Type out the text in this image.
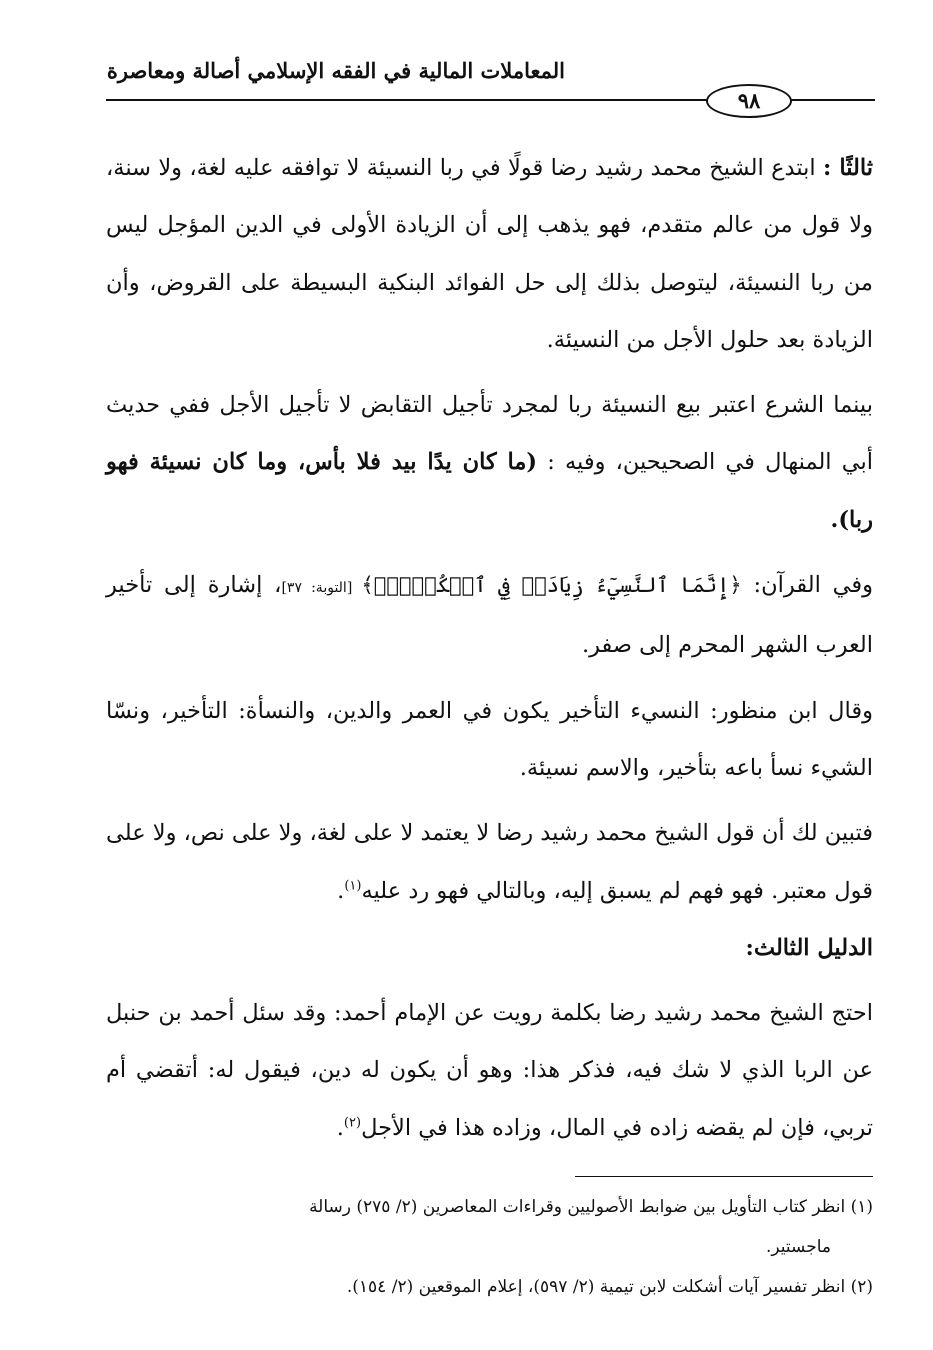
المعاملات المالية في الفقه الإسلامي أصالة ومعاصرة
٩٨

ثالثًا : ابتدع الشيخ محمد رشيد رضا قولًا في ربا النسيئة لا توافقه عليه لغة، ولا سنة، ولا قول من عالم متقدم، فهو يذهب إلى أن الزيادة الأولى في الدين المؤجل ليس من ربا النسيئة، ليتوصل بذلك إلى حل الفوائد البنكية البسيطة على القروض، وأن الزيادة بعد حلول الأجل من النسيئة.

بينما الشرع اعتبر بيع النسيئة ربا لمجرد تأجيل التقابض لا تأجيل الأجل ففي حديث أبي المنهال في الصحيحين، وفيه : (ما كان يدًا بيد فلا بأس، وما كان نسيئة فهو ربا).

وفي القرآن: ﴿إِنَّمَا ٱلنَّسِيٓءُ زِيَادَةٞ فِي ٱلۡكُفۡرِۖ﴾ [التوبة: ٣٧]، إشارة إلى تأخير العرب الشهر المحرم إلى صفر.

وقال ابن منظور: النسيء التأخير يكون في العمر والدين، والنسأة: التأخير، ونسّا الشيء نسأ باعه بتأخير، والاسم نسيئة.

فتبين لك أن قول الشيخ محمد رشيد رضا لا يعتمد لا على لغة، ولا على نص، ولا على قول معتبر. فهو فهم لم يسبق إليه، وبالتالي فهو رد عليه$^{(١)}$.

الدليل الثالث:

احتج الشيخ محمد رشيد رضا بكلمة رويت عن الإمام أحمد: وقد سئل أحمد بن حنبل عن الربا الذي لا شك فيه، فذكر هذا: وهو أن يكون له دين، فيقول له: أتقضي أم تربي، فإن لم يقضه زاده في المال، وزاده هذا في الأجل$^{(٢)}$.

(١) انظر كتاب التأويل بين ضوابط الأصوليين وقراءات المعاصرين (٢/ ٢٧٥) رسالة

ماجستير.

(٢) انظر تفسير آيات أشكلت لابن تيمية (٢/ ٥٩٧)، إعلام الموقعين (٢/ ١٥٤).
